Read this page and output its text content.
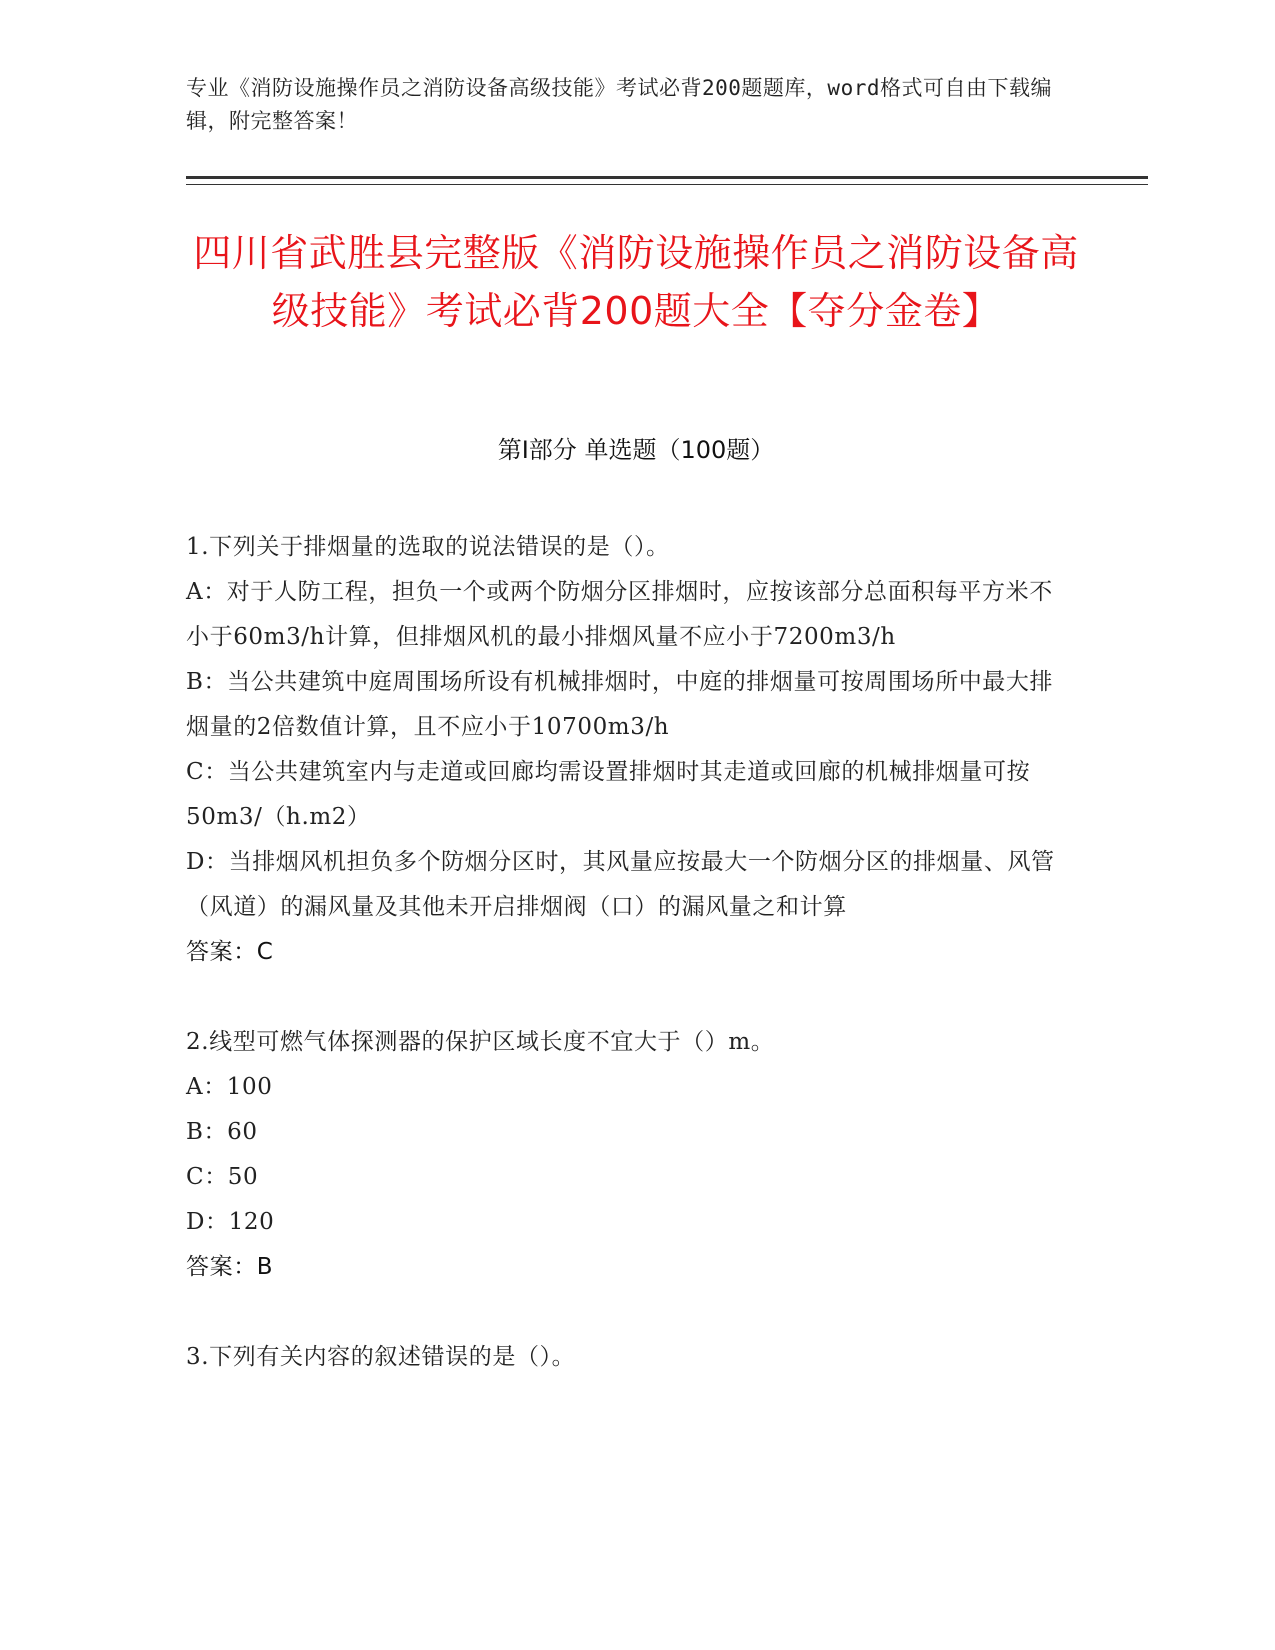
专业《消防设施操作员之消防设备高级技能》考试必背200题题库，word格式可自由下载编辑，附完整答案！
四川省武胜县完整版《消防设施操作员之消防设备高级技能》考试必背200题大全【夺分金卷】
第Ⅰ部分 单选题（100题）

1.下列关于排烟量的选取的说法错误的是（）。

A：对于人防工程，担负一个或两个防烟分区排烟时，应按该部分总面积每平方米不小于60m3/h计算，但排烟风机的最小排烟风量不应小于7200m3/h

B：当公共建筑中庭周围场所设有机械排烟时，中庭的排烟量可按周围场所中最大排烟量的2倍数值计算，且不应小于10700m3/h

C：当公共建筑室内与走道或回廊均需设置排烟时其走道或回廊的机械排烟量可按50m3/（h.m2）

D：当排烟风机担负多个防烟分区时，其风量应按最大一个防烟分区的排烟量、风管（风道）的漏风量及其他未开启排烟阀（口）的漏风量之和计算

答案：C

2.线型可燃气体探测器的保护区域长度不宜大于（）m。

A：100

B：60

C：50

D：120

答案：B

3.下列有关内容的叙述错误的是（）。
